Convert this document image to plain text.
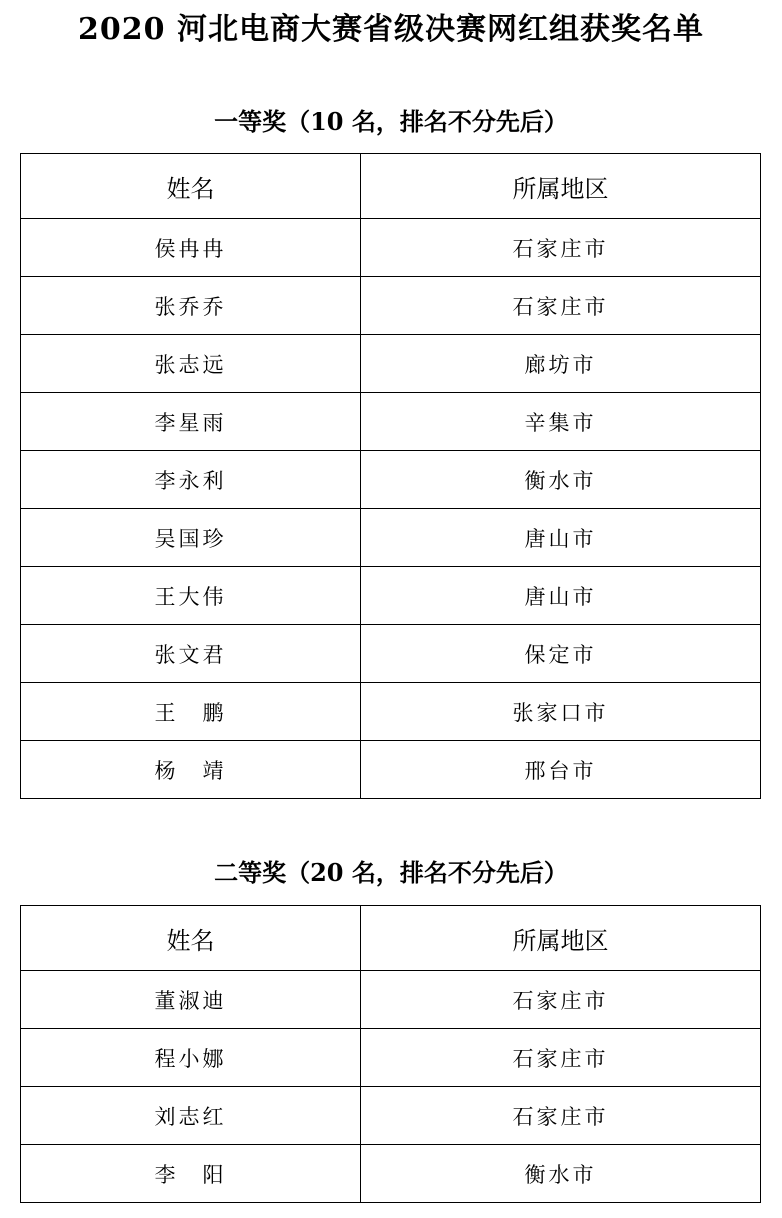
2020 河北电商大赛省级决赛网红组获奖名单
一等奖（10 名，排名不分先后）
姓名	所属地区
侯冉冉	石家庄市
张乔乔	石家庄市
张志远	廊坊市
李星雨	辛集市
李永利	衡水市
吴国珍	唐山市
王大伟	唐山市
张文君	保定市
王　鹏	张家口市
杨　靖	邢台市
二等奖（20 名，排名不分先后）
姓名	所属地区
董淑迪	石家庄市
程小娜	石家庄市
刘志红	石家庄市
李　阳	衡水市
